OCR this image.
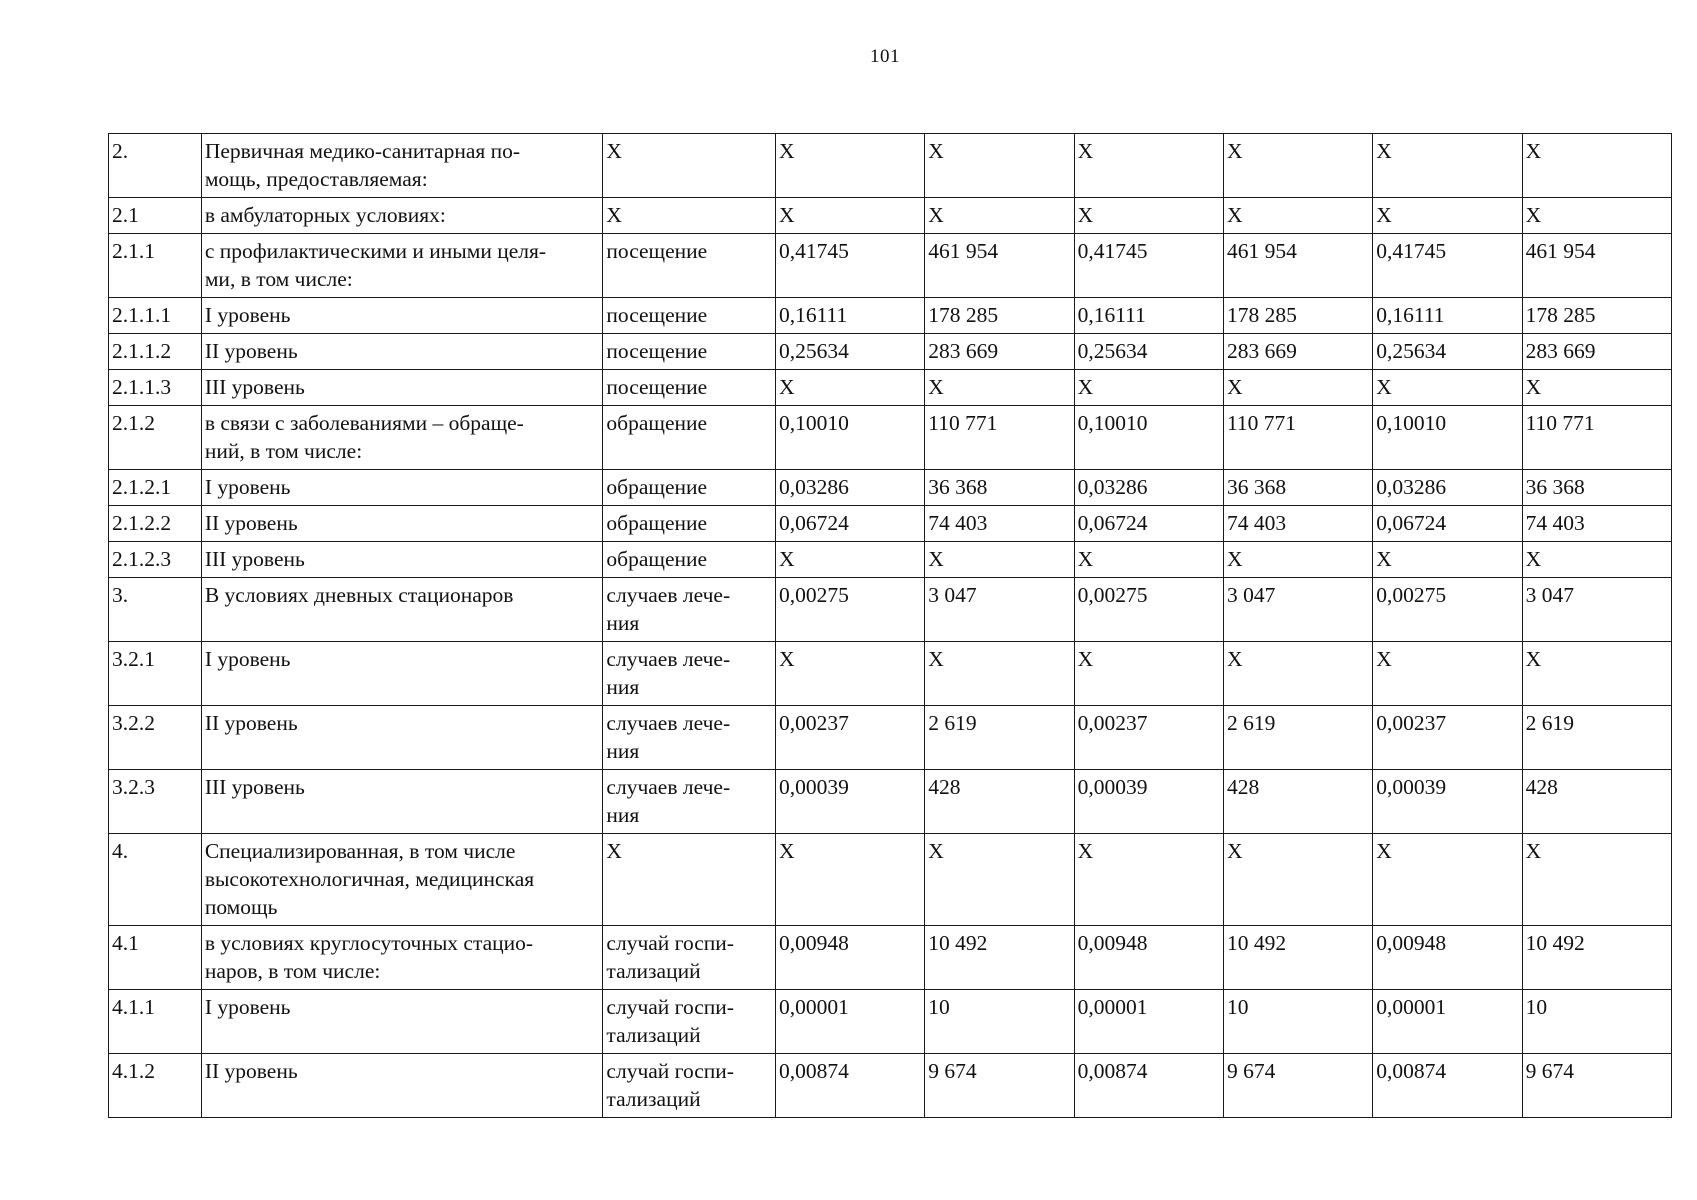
101
2.	Первичная медико-санитарная по-
мощь, предоставляемая:	X	X	X	X	X	X	X
2.1	в амбулаторных условиях:	X	X	X	X	X	X	X
2.1.1	с профилактическими и иными целя-
ми, в том числе:	посещение	0,41745	461 954	0,41745	461 954	0,41745	461 954
2.1.1.1	I уровень	посещение	0,16111	178 285	0,16111	178 285	0,16111	178 285
2.1.1.2	II уровень	посещение	0,25634	283 669	0,25634	283 669	0,25634	283 669
2.1.1.3	III уровень	посещение	X	X	X	X	X	X
2.1.2	в связи с заболеваниями – обраще-
ний, в том числе:	обращение	0,10010	110 771	0,10010	110 771	0,10010	110 771
2.1.2.1	I уровень	обращение	0,03286	36 368	0,03286	36 368	0,03286	36 368
2.1.2.2	II уровень	обращение	0,06724	74 403	0,06724	74 403	0,06724	74 403
2.1.2.3	III уровень	обращение	X	X	X	X	X	X
3.	В условиях дневных стационаров	случаев лече-
ния	0,00275	3 047	0,00275	3 047	0,00275	3 047
3.2.1	I уровень	случаев лече-
ния	X	X	X	X	X	X
3.2.2	II уровень	случаев лече-
ния	0,00237	2 619	0,00237	2 619	0,00237	2 619
3.2.3	III уровень	случаев лече-
ния	0,00039	428	0,00039	428	0,00039	428
4.	Специализированная, в том числе
высокотехнологичная, медицинская
помощь	X	X	X	X	X	X	X
4.1	в условиях круглосуточных стацио-
наров, в том числе:	случай госпи-
тализаций	0,00948	10 492	0,00948	10 492	0,00948	10 492
4.1.1	I уровень	случай госпи-
тализаций	0,00001	10	0,00001	10	0,00001	10
4.1.2	II уровень	случай госпи-
тализаций	0,00874	9 674	0,00874	9 674	0,00874	9 674
